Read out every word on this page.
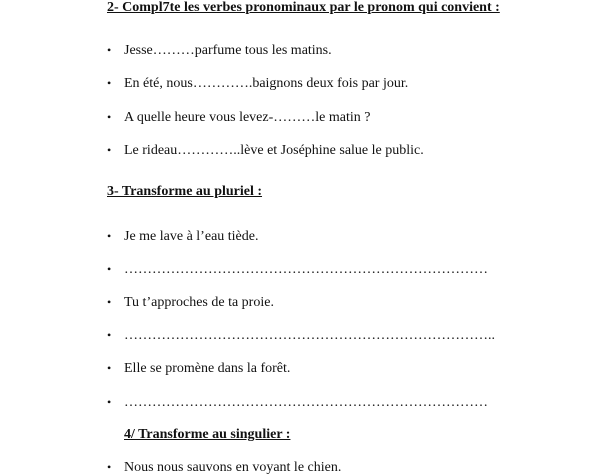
2- Compl7te les verbes pronominaux par le pronom qui convient :
• Jesse………parfume tous les matins.
• En été, nous………….baignons deux fois par jour.
• A quelle heure vous levez-………le matin ?
• Le rideau…………..lève et Joséphine salue le public.
3- Transforme au pluriel :
• Je me lave à l’eau tiède.
• ……………………………………………………………………
• Tu t’approches de ta proie.
• ……………………………………………………………………..
• Elle se promène dans la forêt.
• ……………………………………………………………………
4/ Transforme au singulier :
• Nous nous sauvons en voyant le chien.
